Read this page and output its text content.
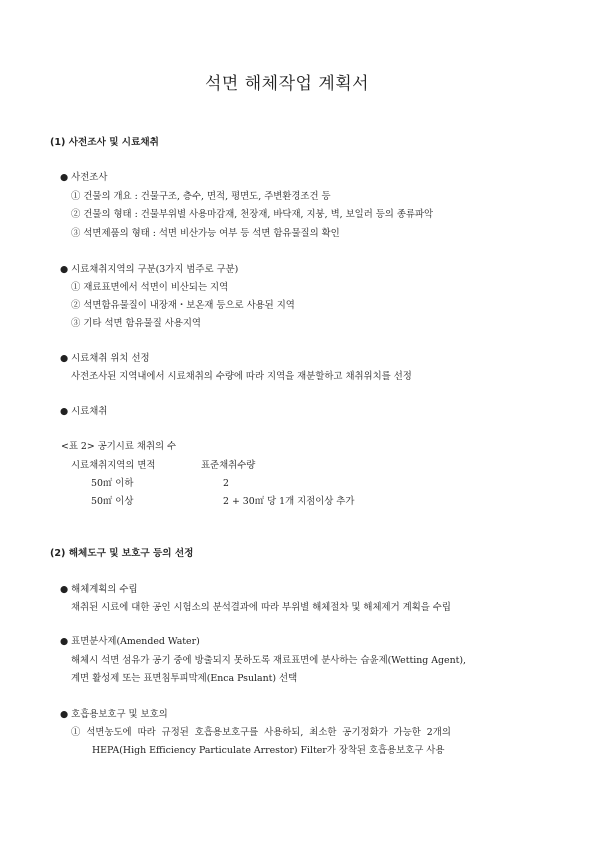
석면 해체작업 계획서
(1) 사전조사 및 시료채취
● 사전조사
① 건물의 개요 : 건물구조, 층수, 면적, 평면도, 주변환경조건 등
② 건물의 형태 : 건물부위별 사용마감재, 천장재, 바닥재, 지붕, 벽, 보일러 등의 종류파악
③ 석면제품의 형태 : 석면 비산가능 여부 등 석면 함유물질의 확인
● 시료채취지역의 구분(3가지 범주로 구분)
① 재료표면에서 석면이 비산되는 지역
② 석면함유물질이 내장재・보온재 등으로 사용된 지역
③ 기타 석면 함유물질 사용지역
● 시료채취 위치 선정
사전조사된 지역내에서 시료채취의 수량에 따라 지역을 재분할하고 채취위치를 선정
● 시료채취
<표 2> 공기시료 채취의 수
시료채취지역의 면적	표준채취수량
50㎡ 이하	2
50㎡ 이상	2 + 30㎡ 당 1개 지점이상 추가
(2) 해체도구 및 보호구 등의 선정
● 해체계획의 수립
채취된 시료에 대한 공인 시험소의 분석결과에 따라 부위별 해체절차 및 해체제거 계획을 수립
● 표면분사제(Amended Water)
해체시 석면 섬유가 공기 중에 방출되지 못하도록 재료표면에 분사하는 습윤제(Wetting Agent),
계면 활성제 또는 표면침투피막제(Enca Psulant) 선택
● 호흡용보호구 및 보호의
①  석면농도에  따라  규정된  호흡용보호구를  사용하되,  최소한  공기정화가  가능한  2개의
HEPA(High Efficiency Particulate Arrestor) Filter가 장착된 호흡용보호구 사용
